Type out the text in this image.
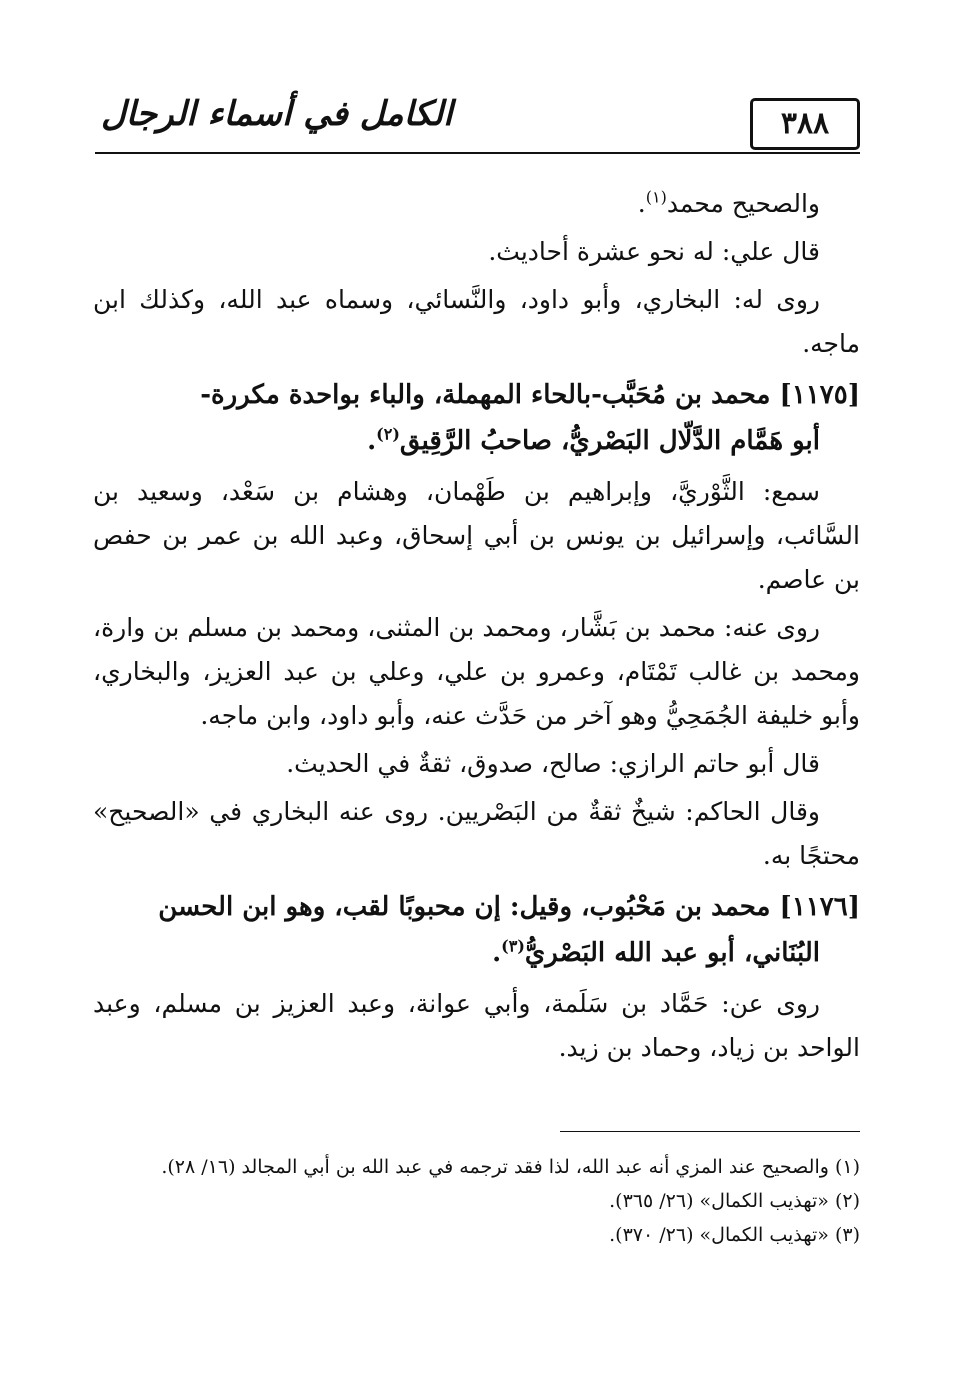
٣٨٨
الكامل في أسماء الرجال

والصحيح محمد$^{(١)}$.

قال علي: له نحو عشرة أحاديث.

روى له: البخاري، وأبو داود، والنَّسائي، وسماه عبد الله، وكذلك ابن ماجه.

[١١٧٥] محمد بن مُحَبَّب-بالحاء المهملة، والباء بواحدة مكررة-
أبو هَمَّام الدَّلّال البَصْريُّ، صاحبُ الرَّقِيق$^{(٢)}$.

سمع: الثَّوْريَّ، وإبراهيم بن طَهْمان، وهشام بن سَعْد، وسعيد بن السَّائب، وإسرائيل بن يونس بن أبي إسحاق، وعبد الله بن عمر بن حفص بن عاصم.

روى عنه: محمد بن بَشَّار، ومحمد بن المثنى، ومحمد بن مسلم بن وارة، ومحمد بن غالب تَمْتَام، وعمرو بن علي، وعلي بن عبد العزيز، والبخاري، وأبو خليفة الجُمَحِيُّ وهو آخر من حَدَّث عنه، وأبو داود، وابن ماجه.

قال أبو حاتم الرازي: صالح، صدوق، ثقةٌ في الحديث.

وقال الحاكم: شيخٌ ثقةٌ من البَصْريين. روى عنه البخاري في «الصحيح» محتجًا به.

[١١٧٦] محمد بن مَحْبُوب، وقيل: إن محبوبًا لقب، وهو ابن الحسن
البُنَاني، أبو عبد الله البَصْريُّ$^{(٣)}$.

روى عن: حَمَّاد بن سَلَمة، وأبي عوانة، وعبد العزيز بن مسلم، وعبد الواحد بن زياد، وحماد بن زيد.

(١) والصحيح عند المزي أنه عبد الله، لذا فقد ترجمه في عبد الله بن أبي المجالد (١٦/ ٢٨).

(٢) «تهذيب الكمال» (٢٦/ ٣٦٥).

(٣) «تهذيب الكمال» (٢٦/ ٣٧٠).
